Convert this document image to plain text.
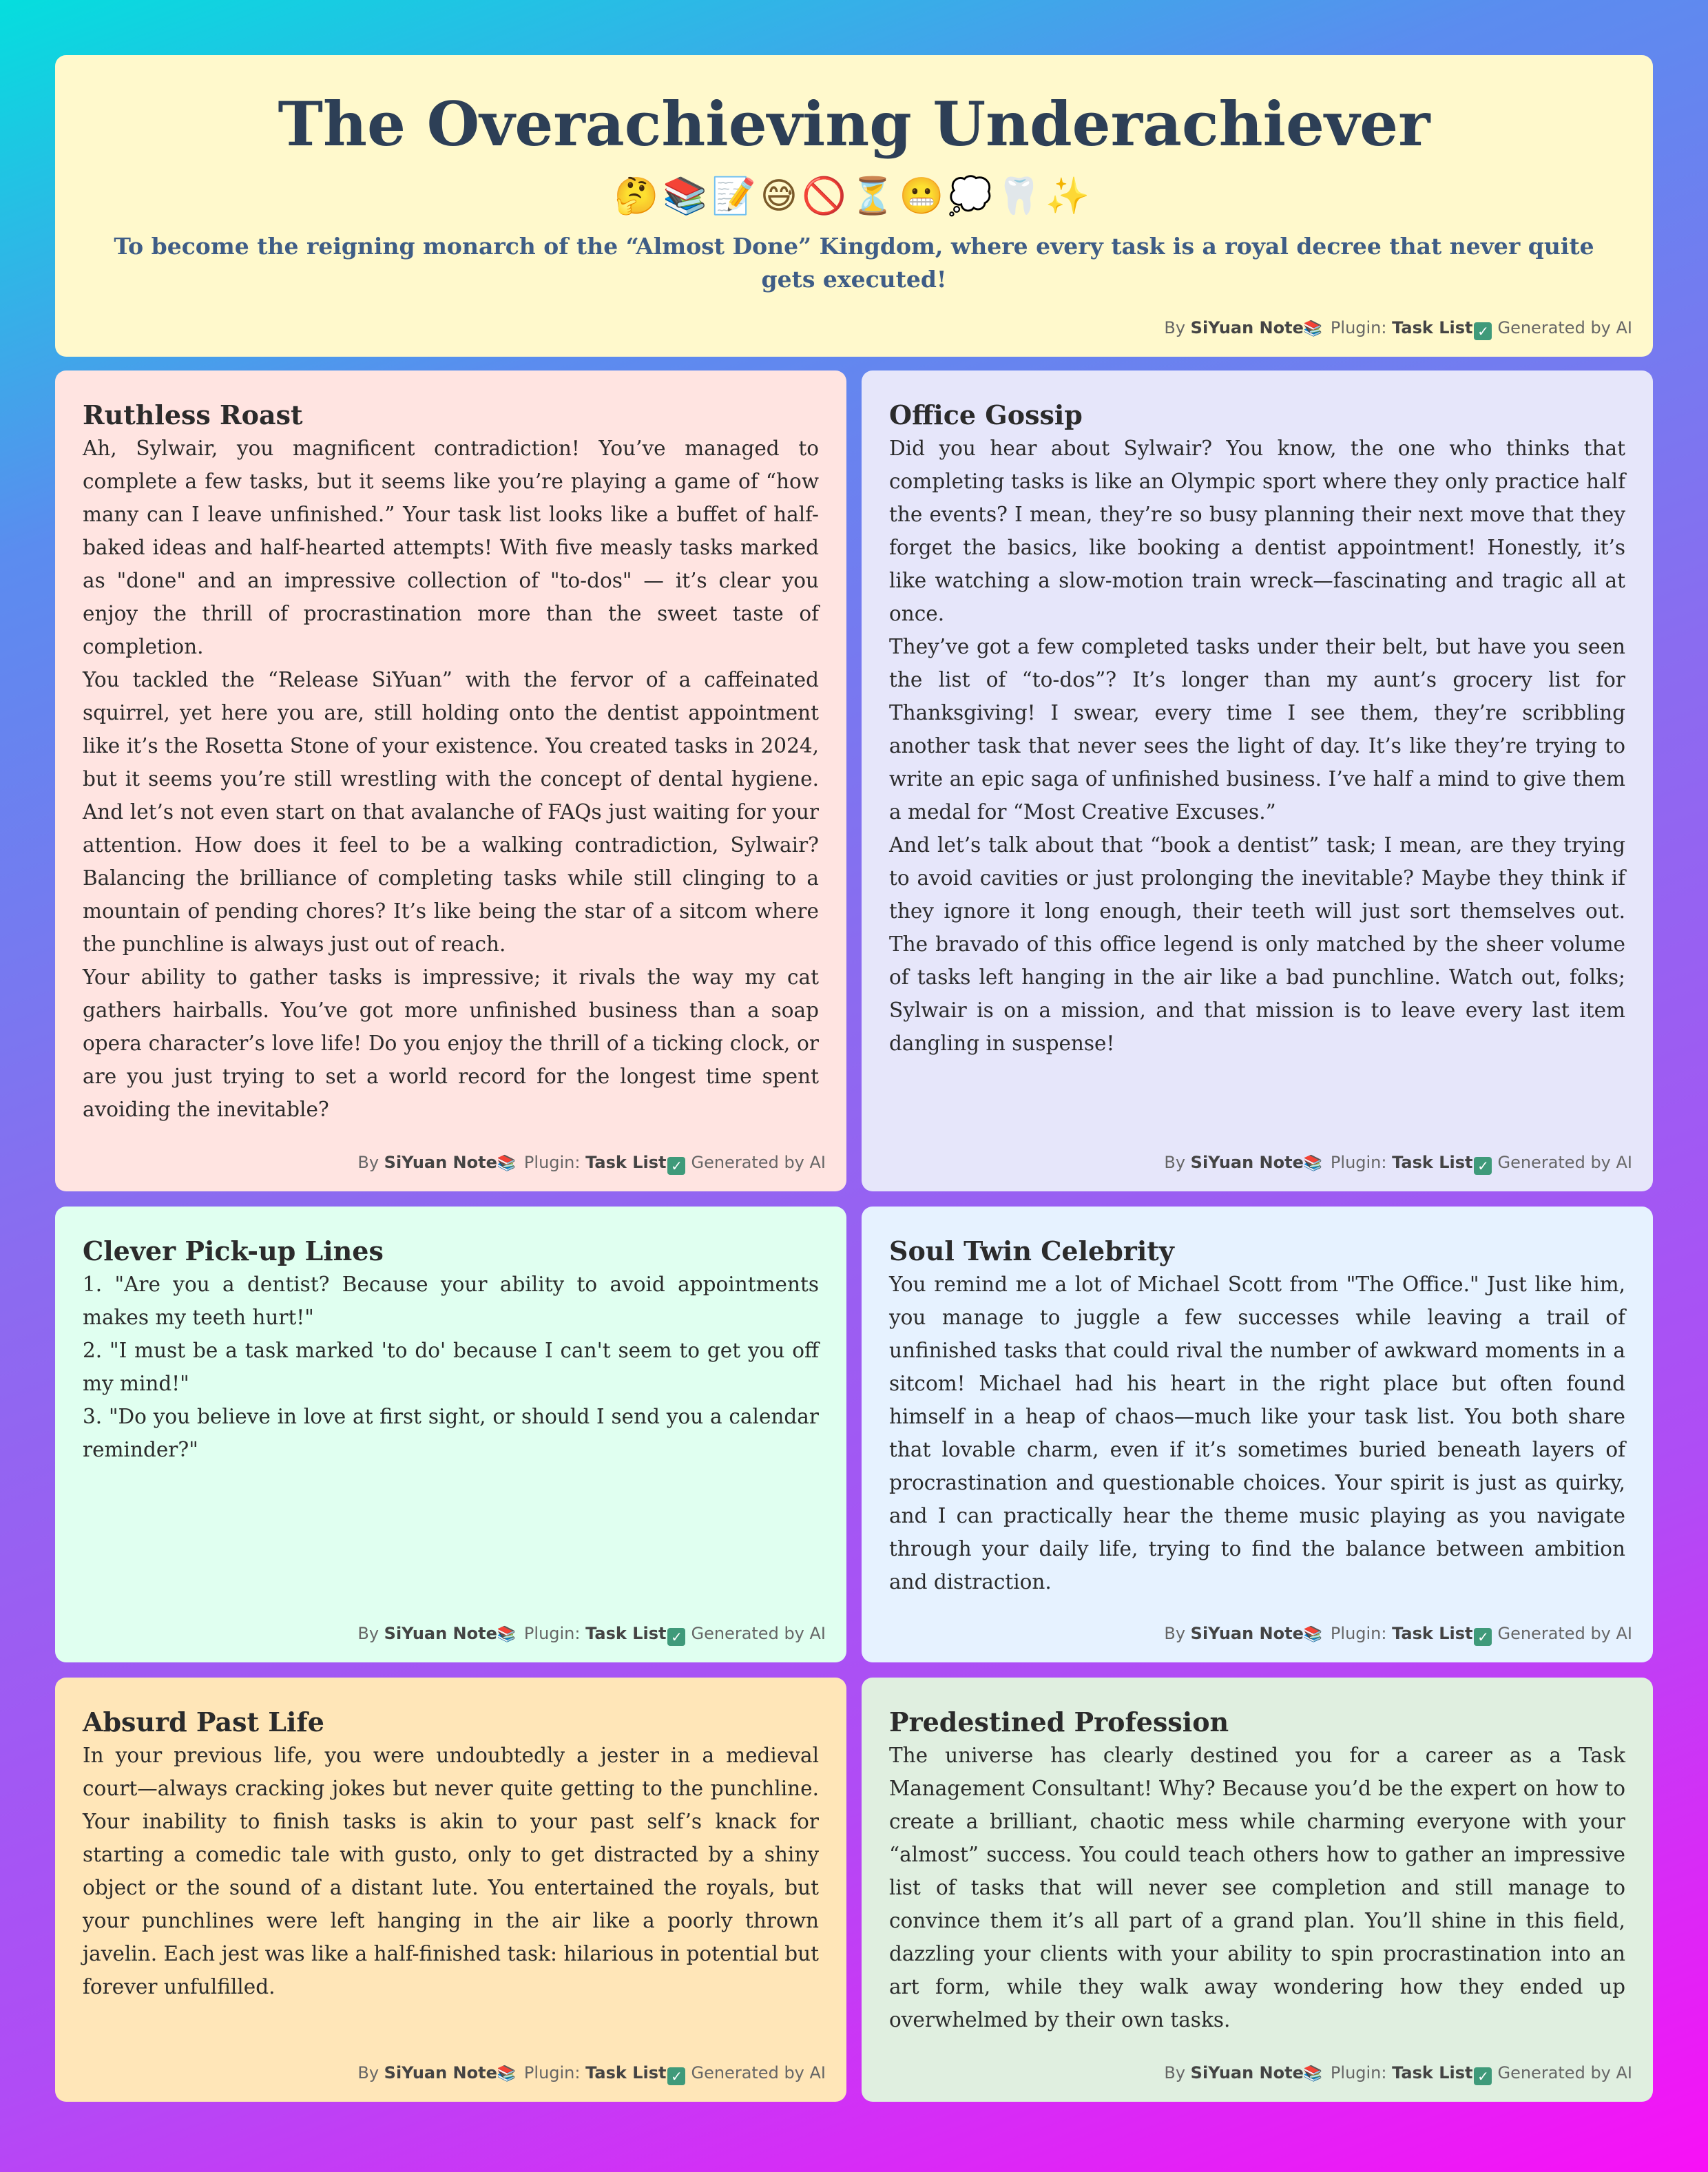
The Overachieving Underachiever
🤔📚📝😅🚫⏳😬💭🦷✨
To become the reigning monarch of the “Almost Done” Kingdom, where every task is a royal decree that never quite gets executed!
By SiYuan Note📚 Plugin: Task List ✓ Generated by AI
Ruthless Roast

Ah, Sylwair, you magnificent contradiction! You’ve managed to complete a few tasks, but it seems like you’re playing a game of “how many can I leave unfinished.” Your task list looks like a buffet of half-baked ideas and half-hearted attempts! With five measly tasks marked as "done" and an impressive collection of "to-dos" — it’s clear you enjoy the thrill of procrastination more than the sweet taste of completion.

You tackled the “Release SiYuan” with the fervor of a caffeinated squirrel, yet here you are, still holding onto the dentist appointment like it’s the Rosetta Stone of your existence. You created tasks in 2024, but it seems you’re still wrestling with the concept of dental hygiene. And let’s not even start on that avalanche of FAQs just waiting for your attention. How does it feel to be a walking contradiction, Sylwair? Balancing the brilliance of completing tasks while still clinging to a mountain of pending chores? It’s like being the star of a sitcom where the punchline is always just out of reach.

Your ability to gather tasks is impressive; it rivals the way my cat gathers hairballs. You’ve got more unfinished business than a soap opera character’s love life! Do you enjoy the thrill of a ticking clock, or are you just trying to set a world record for the longest time spent avoiding the inevitable?

By SiYuan Note📚 Plugin: Task List ✓ Generated by AI
Office Gossip

Did you hear about Sylwair? You know, the one who thinks that completing tasks is like an Olympic sport where they only practice half the events? I mean, they’re so busy planning their next move that they forget the basics, like booking a dentist appointment! Honestly, it’s like watching a slow-motion train wreck—fascinating and tragic all at once.

They’ve got a few completed tasks under their belt, but have you seen the list of “to-dos”? It’s longer than my aunt’s grocery list for Thanksgiving! I swear, every time I see them, they’re scribbling another task that never sees the light of day. It’s like they’re trying to write an epic saga of unfinished business. I’ve half a mind to give them a medal for “Most Creative Excuses.”

And let’s talk about that “book a dentist” task; I mean, are they trying to avoid cavities or just prolonging the inevitable? Maybe they think if they ignore it long enough, their teeth will just sort themselves out. The bravado of this office legend is only matched by the sheer volume of tasks left hanging in the air like a bad punchline. Watch out, folks; Sylwair is on a mission, and that mission is to leave every last item dangling in suspense!

By SiYuan Note📚 Plugin: Task List ✓ Generated by AI
Clever Pick-up Lines
1. "Are you a dentist? Because your ability to avoid appointments makes my teeth hurt!"
2. "I must be a task marked 'to do' because I can't seem to get you off my mind!"
3. "Do you believe in love at first sight, or should I send you a calendar reminder?"
By SiYuan Note📚 Plugin: Task List ✓ Generated by AI
Soul Twin Celebrity

You remind me a lot of Michael Scott from "The Office." Just like him, you manage to juggle a few successes while leaving a trail of unfinished tasks that could rival the number of awkward moments in a sitcom! Michael had his heart in the right place but often found himself in a heap of chaos—much like your task list. You both share that lovable charm, even if it’s sometimes buried beneath layers of procrastination and questionable choices. Your spirit is just as quirky, and I can practically hear the theme music playing as you navigate through your daily life, trying to find the balance between ambition and distraction.

By SiYuan Note📚 Plugin: Task List ✓ Generated by AI
Absurd Past Life

In your previous life, you were undoubtedly a jester in a medieval court—always cracking jokes but never quite getting to the punchline. Your inability to finish tasks is akin to your past self’s knack for starting a comedic tale with gusto, only to get distracted by a shiny object or the sound of a distant lute. You entertained the royals, but your punchlines were left hanging in the air like a poorly thrown javelin. Each jest was like a half-finished task: hilarious in potential but forever unfulfilled.

By SiYuan Note📚 Plugin: Task List ✓ Generated by AI
Predestined Profession

The universe has clearly destined you for a career as a Task Management Consultant! Why? Because you’d be the expert on how to create a brilliant, chaotic mess while charming everyone with your “almost” success. You could teach others how to gather an impressive list of tasks that will never see completion and still manage to convince them it’s all part of a grand plan. You’ll shine in this field, dazzling your clients with your ability to spin procrastination into an art form, while they walk away wondering how they ended up overwhelmed by their own tasks.

By SiYuan Note📚 Plugin: Task List ✓ Generated by AI
